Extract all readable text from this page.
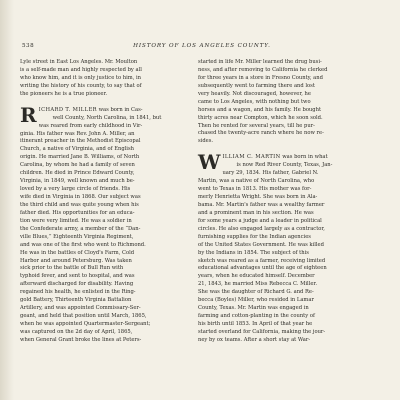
538	HISTORY OF LOS ANGELES COUNTY.
Lyle street in East Los Angeles. Mr. Moulton
is a self-made man and highly respected by all
who know him, and it is only justice to him, in
writing the history of his county, to say that of
the pioneers he is a true pioneer.
R ICHARD T. MILLER was born in Cas-
well County, North Carolina, in 1841, but
was reared from early childhood in Vir-
ginia. His father was Rev. John A. Miller, an
itinerant preacher in the Methodist Episcopal
Church, a native of Virginia, and of English
origin. He married Jane B. Williams, of North
Carolina, by whom he had a family of seven
children. He died in Prince Edward County,
Virginia, in 1849, well known and much be-
loved by a very large circle of friends. His
wife died in Virginia in 1868. Our subject was
the third child and was quite young when his
father died. His opportunities for an educa-
tion were very limited. He was a soldier in
the Confederate army, a member of the “Dan-
ville Blues,” Eighteenth Virginia Regiment,
and was one of the first who went to Richmond.
He was in the battles of Cloyd's Farm, Cold
Harbor and around Petersburg. Was taken
sick prior to the battle of Bull Run with
typhoid fever, and sent to hospital, and was
afterward discharged for disability. Having
regained his health, he enlisted in the Ring-
gold Battery, Thirteenth Virginia Battalion
Artillery, and was appointed Commissary-Ser-
geant, and held that position until March, 1865,
when he was appointed Quartermaster-Sergeant;
was captured on the 2d day of April, 1865,
when General Grant broke the lines at Peters-
started in life Mr. Miller learned the drug busi-
ness, and after removing to California he clerked
for three years in a store in Fresno County, and
subsequently went to farming there and lost
very heavily. Not discouraged, however, he
came to Los Angeles, with nothing but two
horses and a wagon, and his family. He bought
thirty acres near Compton, which he soon sold.
Then he rented for several years, till he pur-
chased the twenty-acre ranch where he now re-
sides.
W ILLIAM C. MARTIN was born in what
is now Red River County, Texas, Jan-
uary 29, 1834. His father, Gabriel N.
Martin, was a native of North Carolina, who
went to Texas in 1813. His mother was for-
merly Henrietta Wright. She was born in Ala-
bama. Mr. Martin's father was a wealthy farmer
and a prominent man in his section. He was
for some years a judge and a leader in political
circles. He also engaged largely as a contractor,
furnishing supplies for the Indian agencies
of the United States Government. He was killed
by the Indians in 1854. The subject of this
sketch was reared as a farmer, receiving limited
educational advantages until the age of eighteen
years, when he educated himself. December
21, 1843, he married Miss Rebecca C. Miller.
She was the daughter of Richard G. and Re-
becca (Boyles) Miller, who resided in Lamar
County, Texas. Mr. Martin was engaged in
farming and cotton-planting in the county of
his birth until 1853. In April of that year he
started overland for California, making the jour-
ney by ox teams. After a short stay at War-
